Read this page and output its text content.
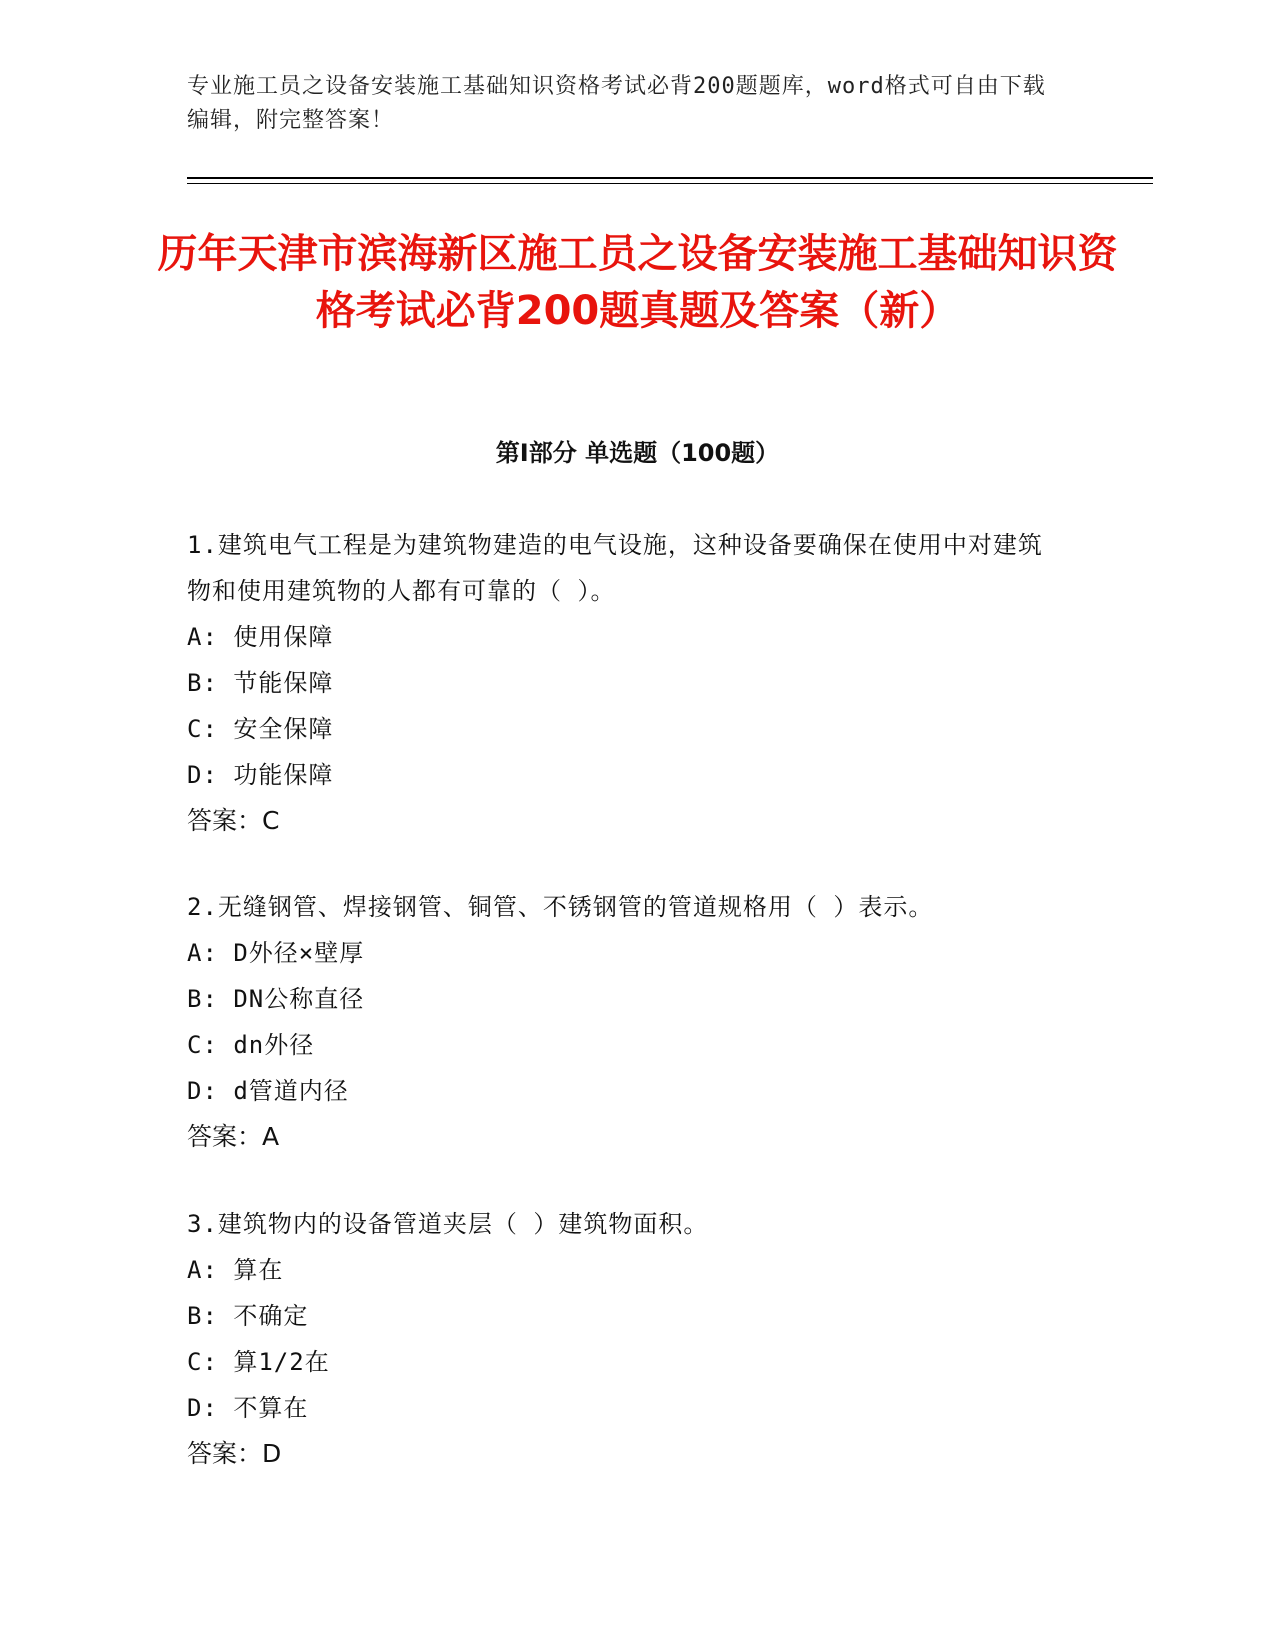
专业施工员之设备安装施工基础知识资格考试必背200题题库，word格式可自由下载编辑，附完整答案！
历年天津市滨海新区施工员之设备安装施工基础知识资格考试必背200题真题及答案（新）
第I部分 单选题（100题）
1.建筑电气工程是为建筑物建造的电气设施，这种设备要确保在使用中对建筑物和使用建筑物的人都有可靠的（ ）。
A: 使用保障
B: 节能保障
C: 安全保障
D: 功能保障
答案：C
2.无缝钢管、焊接钢管、铜管、不锈钢管的管道规格用（ ）表示。
A: D外径×壁厚
B: DN公称直径
C: dn外径
D: d管道内径
答案：A
3.建筑物内的设备管道夹层（ ）建筑物面积。
A: 算在
B: 不确定
C: 算1/2在
D: 不算在
答案：D
